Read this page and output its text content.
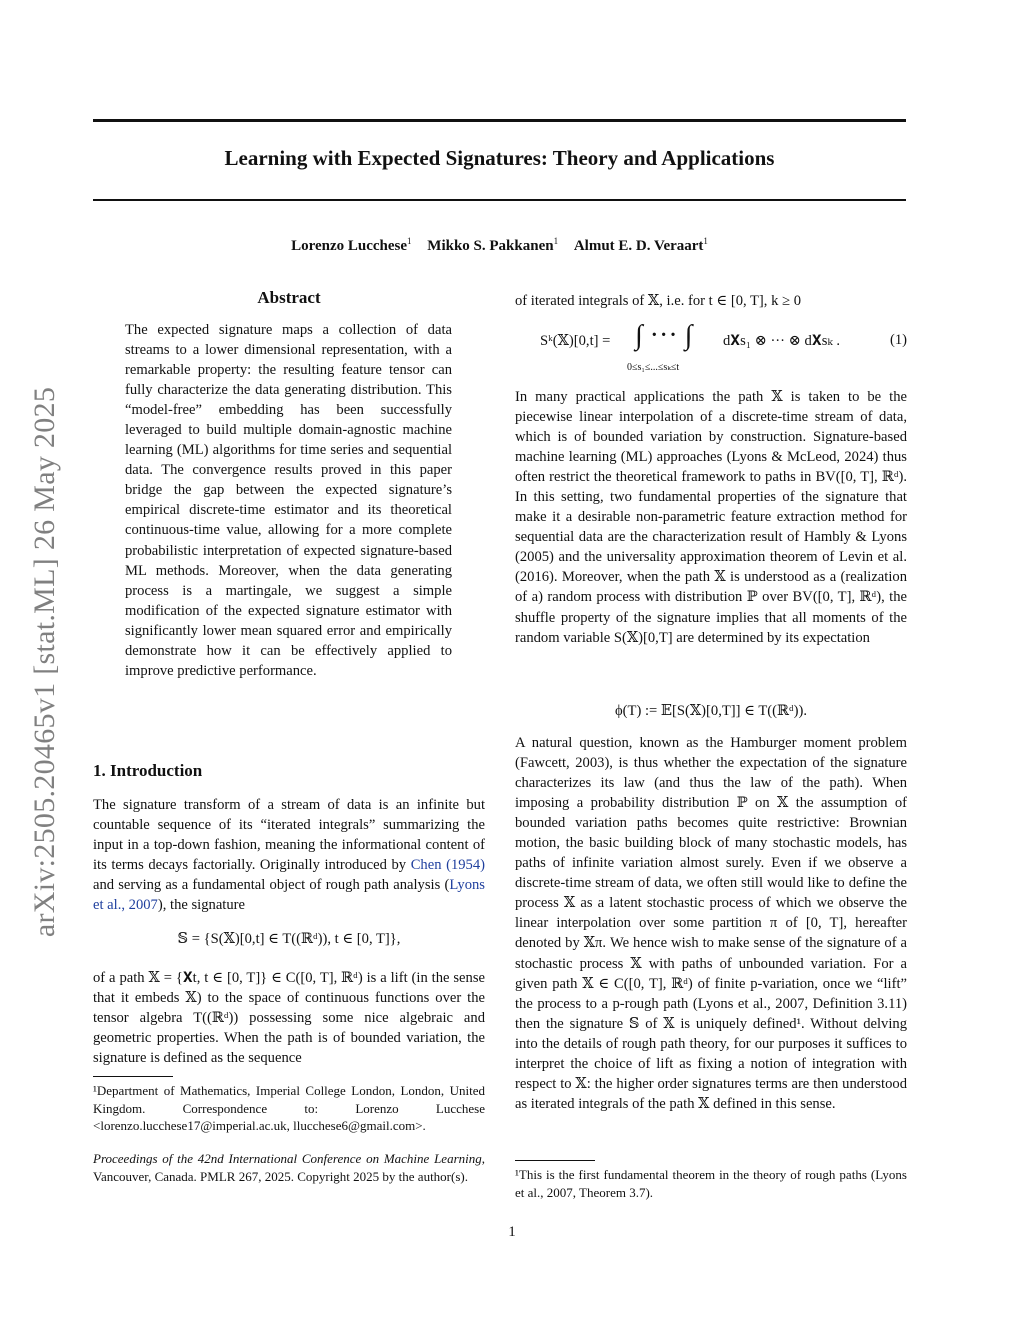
arXiv:2505.20465v1 [stat.ML] 26 May 2025
Learning with Expected Signatures: Theory and Applications
Lorenzo Lucchese$^1$ Mikko S. Pakkanen$^1$ Almut E. D. Veraart$^1$
Abstract
The expected signature maps a collection of data streams to a lower dimensional representation, with a remarkable property: the resulting feature tensor can fully characterize the data generating distribution. This “model-free” embedding has been successfully leveraged to build multiple domain-agnostic machine learning (ML) algorithms for time series and sequential data. The convergence results proved in this paper bridge the gap between the expected signature’s empirical discrete-time estimator and its theoretical continuous-time value, allowing for a more complete probabilistic interpretation of expected signature-based ML methods. Moreover, when the data generating process is a martingale, we suggest a simple modification of the expected signature estimator with significantly lower mean squared error and empirically demonstrate how it can be effectively applied to improve predictive performance.
1. Introduction
The signature transform of a stream of data is an infinite but countable sequence of its “iterated integrals” summarizing the input in a top-down fashion, meaning the informational content of its terms decays factorially. Originally introduced by Chen (1954) and serving as a fundamental object of rough path analysis (Lyons et al., 2007), the signature
𝕊 = {S(𝕏)[0,t] ∈ T((ℝᵈ)), t ∈ [0, T]},
of a path 𝕏 = {𝐗t, t ∈ [0, T]} ∈ C([0, T], ℝᵈ) is a lift (in the sense that it embeds 𝕏) to the space of continuous functions over the tensor algebra T((ℝᵈ)) possessing some nice algebraic and geometric properties. When the path is of bounded variation, the signature is defined as the sequence
¹Department of Mathematics, Imperial College London, London, United Kingdom. Correspondence to: Lorenzo Lucchese <lorenzo.lucchese17@imperial.ac.uk, llucchese6@gmail.com>.
Proceedings of the 42nd International Conference on Machine Learning, Vancouver, Canada. PMLR 267, 2025. Copyright 2025 by the author(s).
of iterated integrals of 𝕏, i.e. for t ∈ [0, T], k ≥ 0
Sᵏ(𝕏)[0,t] = ∫ ··· ∫ d𝐗s₁ ⊗ ··· ⊗ d𝐗sₖ .
0≤s₁≤...≤sₖ≤t
(1)
In many practical applications the path 𝕏 is taken to be the piecewise linear interpolation of a discrete-time stream of data, which is of bounded variation by construction. Signature-based machine learning (ML) approaches (Lyons & McLeod, 2024) thus often restrict the theoretical framework to paths in BV([0, T], ℝᵈ). In this setting, two fundamental properties of the signature that make it a desirable non-parametric feature extraction method for sequential data are the characterization result of Hambly & Lyons (2005) and the universality approximation theorem of Levin et al. (2016). Moreover, when the path 𝕏 is understood as a (realization of a) random process with distribution ℙ over BV([0, T], ℝᵈ), the shuffle property of the signature implies that all moments of the random variable S(𝕏)[0,T] are determined by its expectation
ϕ(T) := 𝔼[S(𝕏)[0,T]] ∈ T((ℝᵈ)).
A natural question, known as the Hamburger moment problem (Fawcett, 2003), is thus whether the expectation of the signature characterizes its law (and thus the law of the path). When imposing a probability distribution ℙ on 𝕏 the assumption of bounded variation paths becomes quite restrictive: Brownian motion, the basic building block of many stochastic models, has paths of infinite variation almost surely. Even if we observe a discrete-time stream of data, we often still would like to define the process 𝕏 as a latent stochastic process of which we observe the linear interpolation over some partition π of [0, T], hereafter denoted by 𝕏π. We hence wish to make sense of the signature of a stochastic process 𝕏 with paths of unbounded variation. For a given path 𝕏 ∈ C([0, T], ℝᵈ) of finite p-variation, once we “lift” the process to a p-rough path (Lyons et al., 2007, Definition 3.11) then the signature 𝕊 of 𝕏 is uniquely defined¹. Without delving into the details of rough path theory, for our purposes it suffices to interpret the choice of lift as fixing a notion of integration with respect to 𝕏: the higher order signatures terms are then understood as iterated integrals of the path 𝕏 defined in this sense.
¹This is the first fundamental theorem in the theory of rough paths (Lyons et al., 2007, Theorem 3.7).
1
